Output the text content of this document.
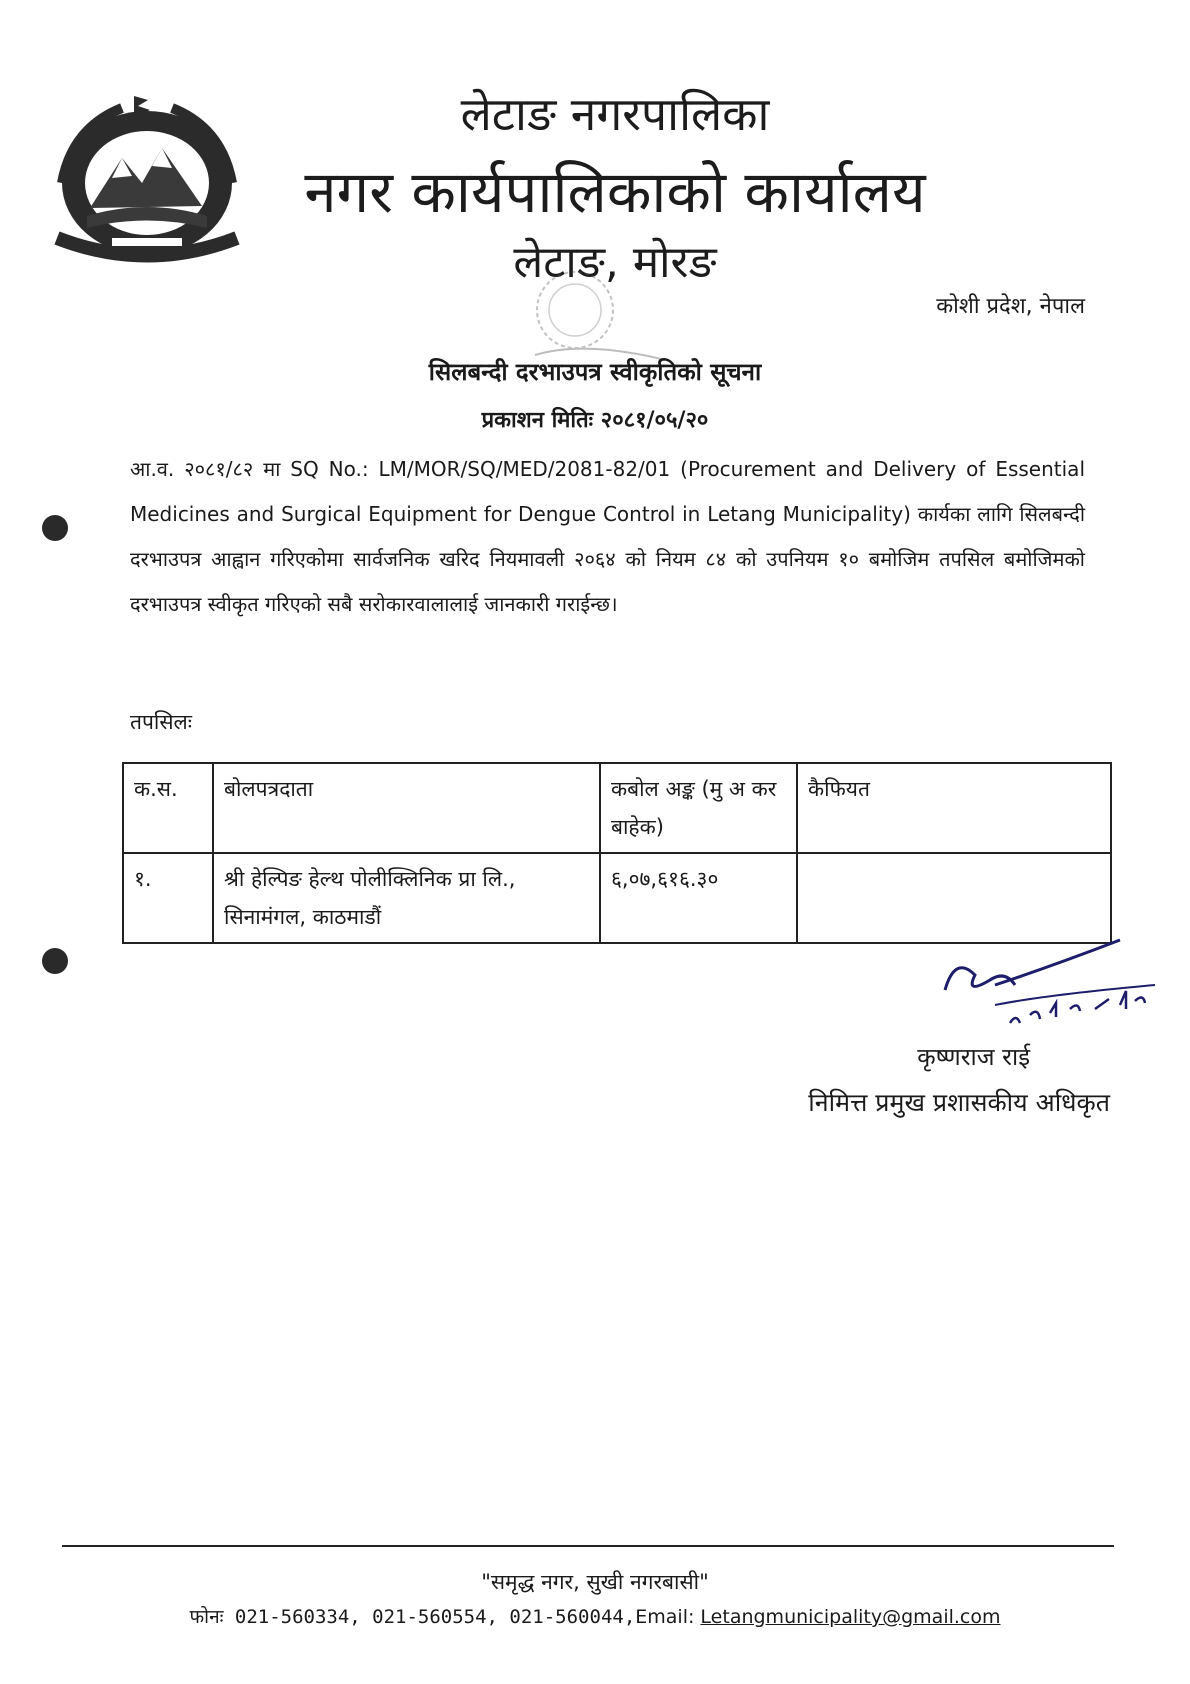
लेटाङ नगरपालिका
नगर कार्यपालिकाको कार्यालय
लेटाङ, मोरङ
कोशी प्रदेश, नेपाल
सिलबन्दी दरभाउपत्र स्वीकृतिको सूचना
प्रकाशन मितिः २०८१/०५/२०
आ.व. २०८१/८२ मा SQ No.: LM/MOR/SQ/MED/2081-82/01 (Procurement and Delivery of Essential Medicines and Surgical Equipment for Dengue Control in Letang Municipality) कार्यका लागि सिलबन्दी दरभाउपत्र आह्वान गरिएकोमा सार्वजनिक खरिद नियमावली २०६४ को नियम ८४ को उपनियम १० बमोजिम तपसिल बमोजिमको दरभाउपत्र स्वीकृत गरिएको सबै सरोकारवालालाई जानकारी गराईन्छ।
तपसिलः
क.स.	बोलपत्रदाता	कबोल अङ्क (मु अ कर बाहेक)	कैफियत
१.	श्री हेल्पिङ हेल्थ पोलीक्लिनिक प्रा लि., सिनामंगल, काठमाडौं	६,०७,६१६.३०	
कृष्णराज राई
निमित्त प्रमुख प्रशासकीय अधिकृत
"समृद्ध नगर, सुखी नगरबासी"
फोनः 021-560334, 021-560554, 021-560044,Email: Letangmunicipality@gmail.com
